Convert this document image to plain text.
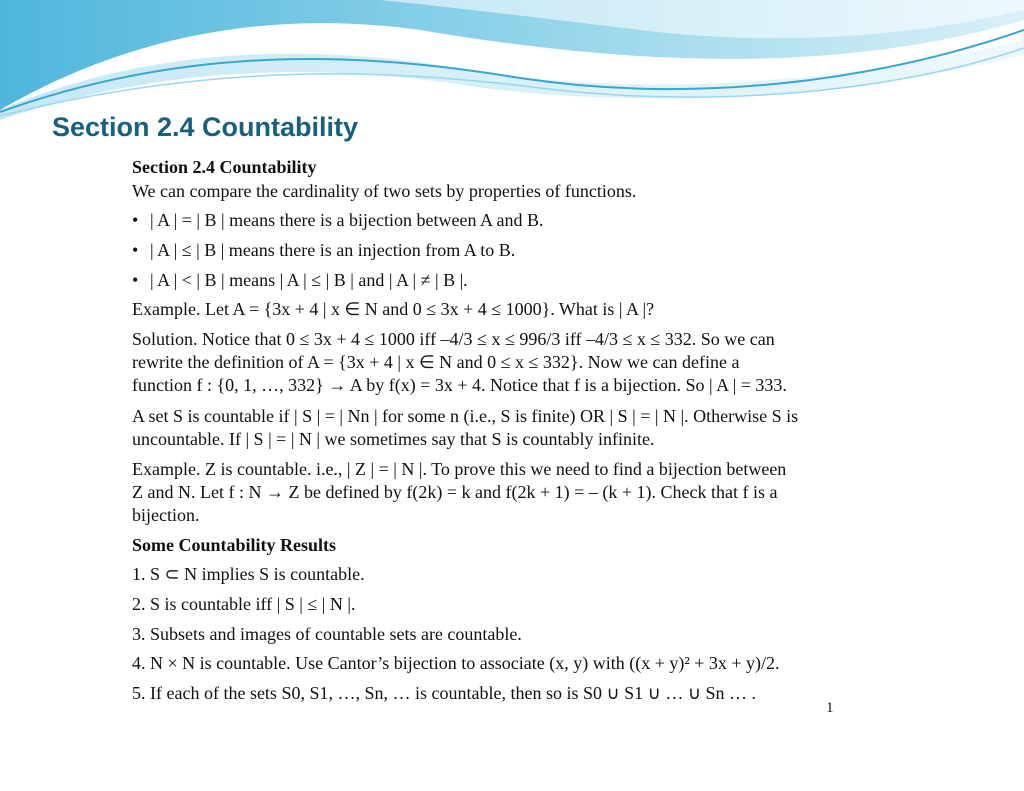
Section 2.4 Countability
Section 2.4 Countability
We can compare the cardinality of two sets by properties of functions.
• | A | = | B | means there is a bijection between A and B.
• | A | ≤ | B | means there is an injection from A to B.
• | A | < | B | means | A | ≤ | B | and | A | ≠ | B |.
Example. Let A = {3x + 4 | x ∈ N and 0 ≤ 3x + 4 ≤ 1000}. What is | A |?
Solution. Notice that 0 ≤ 3x + 4 ≤ 1000 iff –4/3 ≤ x ≤ 996/3 iff –4/3 ≤ x ≤ 332. So we can
rewrite the definition of A = {3x + 4 | x ∈ N and 0 ≤ x ≤ 332}. Now we can define a
function f : {0, 1, …, 332} → A by f(x) = 3x + 4. Notice that f is a bijection. So | A | = 333.
A set S is countable if | S | = | Nn | for some n (i.e., S is finite) OR | S | = | N |. Otherwise S is
uncountable. If | S | = | N | we sometimes say that S is countably infinite.
Example. Z is countable. i.e., | Z | = | N |. To prove this we need to find a bijection between
Z and N. Let f : N → Z be defined by f(2k) = k and f(2k + 1) = – (k + 1). Check that f is a
bijection.
Some Countability Results
1. S ⊂ N implies S is countable.
2. S is countable iff | S | ≤ | N |.
3. Subsets and images of countable sets are countable.
4. N × N is countable. Use Cantor’s bijection to associate (x, y) with ((x + y)² + 3x + y)/2.
5. If each of the sets S0, S1, …, Sn, … is countable, then so is S0 ∪ S1 ∪ … ∪ Sn … .
1
